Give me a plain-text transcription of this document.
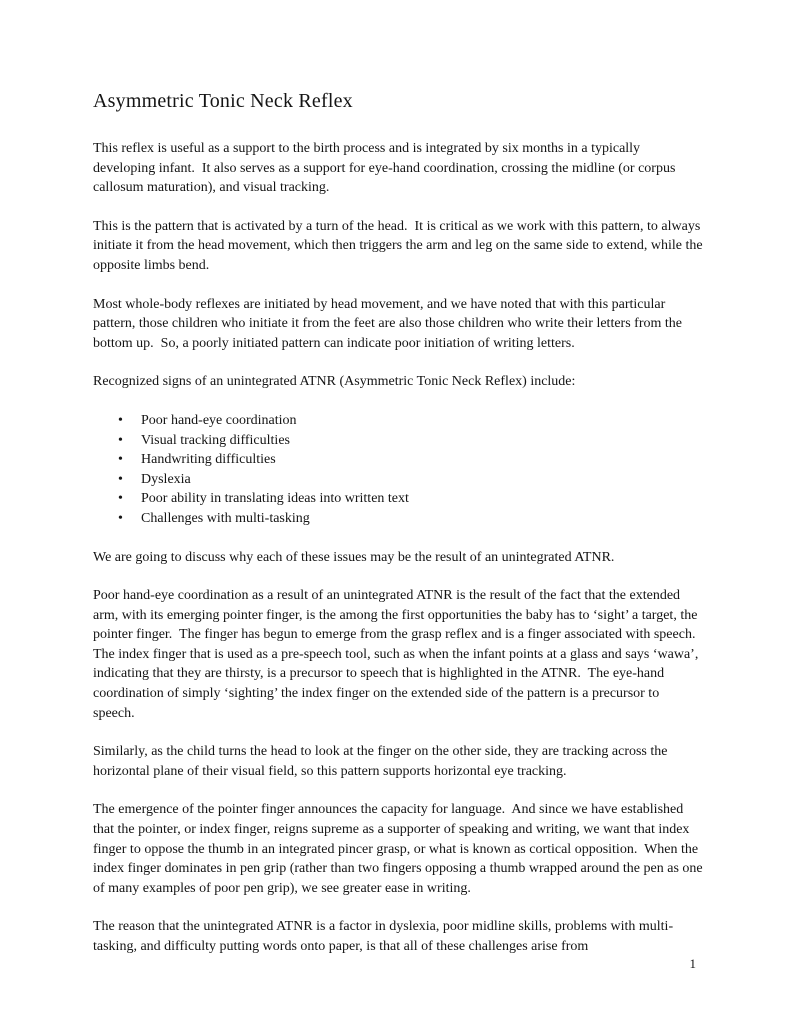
Asymmetric Tonic Neck Reflex

This reflex is useful as a support to the birth process and is integrated by six months in a typically developing infant.  It also serves as a support for eye-hand coordination, crossing the midline (or corpus callosum maturation), and visual tracking.

This is the pattern that is activated by a turn of the head.  It is critical as we work with this pattern, to always initiate it from the head movement, which then triggers the arm and leg on the same side to extend, while the opposite limbs bend.

Most whole-body reflexes are initiated by head movement, and we have noted that with this particular pattern, those children who initiate it from the feet are also those children who write their letters from the bottom up.  So, a poorly initiated pattern can indicate poor initiation of writing letters.

Recognized signs of an unintegrated ATNR (Asymmetric Tonic Neck Reflex) include:

• Poor hand-eye coordination
• Visual tracking difficulties
• Handwriting difficulties
• Dyslexia
• Poor ability in translating ideas into written text
• Challenges with multi-tasking

We are going to discuss why each of these issues may be the result of an unintegrated ATNR.

Poor hand-eye coordination as a result of an unintegrated ATNR is the result of the fact that the extended arm, with its emerging pointer finger, is the among the first opportunities the baby has to ‘sight’ a target, the pointer finger.  The finger has begun to emerge from the grasp reflex and is a finger associated with speech.  The index finger that is used as a pre-speech tool, such as when the infant points at a glass and says ‘wawa’, indicating that they are thirsty, is a precursor to speech that is highlighted in the ATNR.  The eye-hand coordination of simply ‘sighting’ the index finger on the extended side of the pattern is a precursor to speech.

Similarly, as the child turns the head to look at the finger on the other side, they are tracking across the horizontal plane of their visual field, so this pattern supports horizontal eye tracking.

The emergence of the pointer finger announces the capacity for language.  And since we have established that the pointer, or index finger, reigns supreme as a supporter of speaking and writing, we want that index finger to oppose the thumb in an integrated pincer grasp, or what is known as cortical opposition.  When the index finger dominates in pen grip (rather than two fingers opposing a thumb wrapped around the pen as one of many examples of poor pen grip), we see greater ease in writing.

The reason that the unintegrated ATNR is a factor in dyslexia, poor midline skills, problems with multi-tasking, and difficulty putting words onto paper, is that all of these challenges arise from

1
